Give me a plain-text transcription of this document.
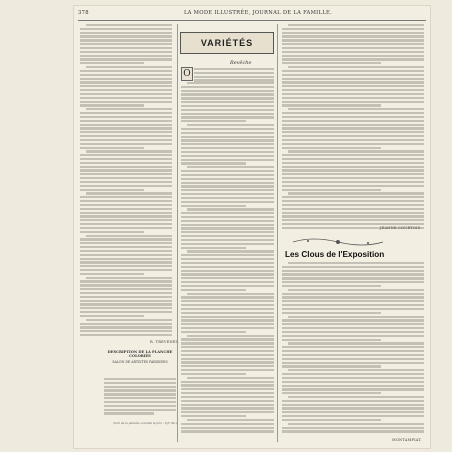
378	LA MODE ILLUSTRÉE, JOURNAL DE LA FAMILLE.
R. TREVENEY.
VARIÉTÉS
Revêche
O
JEANNE COURTOIS.
Les Clous de l'Exposition
MONTAMPIAT.
DESCRIPTION DE LA PLANCHE COLORIÉE
SALON DE ARTISTES PARISIENS
(Voir de la planche coloriée le prix : 0 fr. 60.)
